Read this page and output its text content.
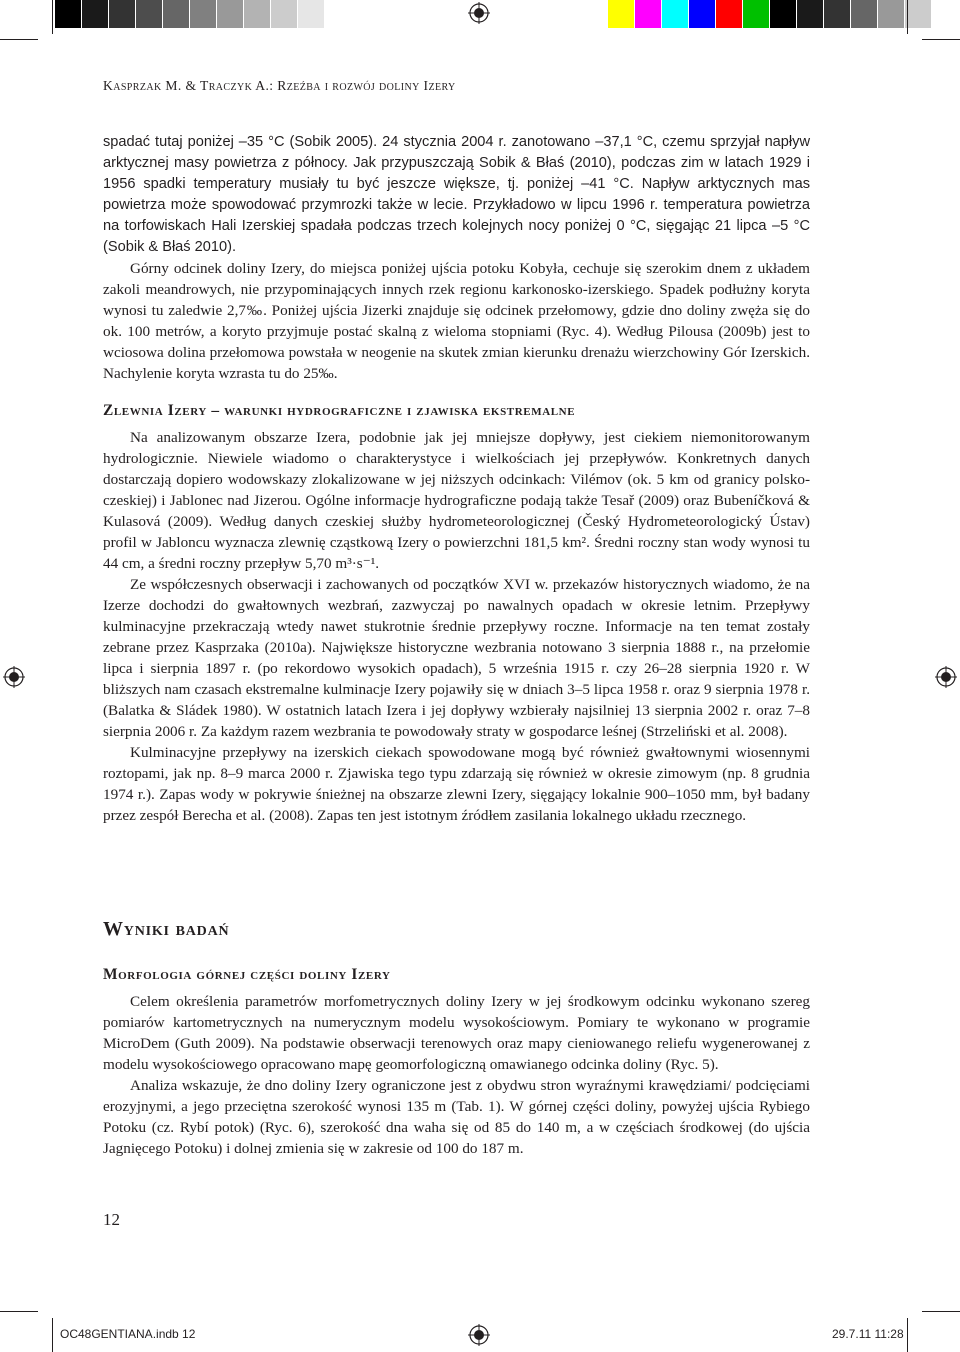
Kasprzak M. & Traczyk A.: Rzeźba i rozwój doliny Izery

spadać tutaj poniżej –35 °C (Sobik 2005). 24 stycznia 2004 r. zanotowano –37,1 °C, czemu sprzyjał napływ arktycznej masy powietrza z północy. Jak przypuszczają Sobik & Błaś (2010), podczas zim w latach 1929 i 1956 spadki temperatury musiały tu być jeszcze większe, tj. poniżej –41 °C. Napływ arktycznych mas powietrza może spowodować przymrozki także w lecie. Przykładowo w lipcu 1996 r. temperatura powietrza na torfowiskach Hali Izerskiej spadała podczas trzech kolejnych nocy poniżej 0 °C, sięgając 21 lipca –5 °C (Sobik & Błaś 2010).

Górny odcinek doliny Izery, do miejsca poniżej ujścia potoku Kobyła, cechuje się szerokim dnem z układem zakoli meandrowych, nie przypominających innych rzek regionu karkonosko-izerskiego. Spadek podłużny koryta wynosi tu zaledwie 2,7‰. Poniżej ujścia Jizerki znajduje się odcinek przełomowy, gdzie dno doliny zwęża się do ok. 100 metrów, a koryto przyjmuje postać skalną z wieloma stopniami (Ryc. 4). Według Pilousa (2009b) jest to wciosowa dolina przełomowa powstała w neogenie na skutek zmian kierunku drenażu wierzchowiny Gór Izerskich. Nachylenie koryta wzrasta tu do 25‰.

Zlewnia Izery – warunki hydrograficzne i zjawiska ekstremalne

Na analizowanym obszarze Izera, podobnie jak jej mniejsze dopływy, jest ciekiem niemonitorowanym hydrologicznie. Niewiele wiadomo o charakterystyce i wielkościach jej przepływów. Konkretnych danych dostarczają dopiero wodowskazy zlokalizowane w jej niższych odcinkach: Vilémov (ok. 5 km od granicy polsko-czeskiej) i Jablonec nad Jizerou. Ogólne informacje hydrograficzne podają także Tesař (2009) oraz Bubeníčková & Kulasová (2009). Według danych czeskiej służby hydrometeorologicznej (Český Hydrometeorologický Ústav) profil w Jabloncu wyznacza zlewnię cząstkową Izery o powierzchni 181,5 km². Średni roczny stan wody wynosi tu 44 cm, a średni roczny przepływ 5,70 m³·s⁻¹.

Ze współczesnych obserwacji i zachowanych od początków XVI w. przekazów historycznych wiadomo, że na Izerze dochodzi do gwałtownych wezbrań, zazwyczaj po nawalnych opadach w okresie letnim. Przepływy kulminacyjne przekraczają wtedy nawet stukrotnie średnie przepływy roczne. Informacje na ten temat zostały zebrane przez Kasprzaka (2010a). Największe historyczne wezbrania notowano 3 sierpnia 1888 r., na przełomie lipca i sierpnia 1897 r. (po rekordowo wysokich opadach), 5 września 1915 r. czy 26–28 sierpnia 1920 r. W bliższych nam czasach ekstremalne kulminacje Izery pojawiły się w dniach 3–5 lipca 1958 r. oraz 9 sierpnia 1978 r. (Balatka & Sládek 1980). W ostatnich latach Izera i jej dopływy wzbierały najsilniej 13 sierpnia 2002 r. oraz 7–8 sierpnia 2006 r. Za każdym razem wezbrania te powodowały straty w gospodarce leśnej (Strzeliński et al. 2008).

Kulminacyjne przepływy na izerskich ciekach spowodowane mogą być również gwałtownymi wiosennymi roztopami, jak np. 8–9 marca 2000 r. Zjawiska tego typu zdarzają się również w okresie zimowym (np. 8 grudnia 1974 r.). Zapas wody w pokrywie śnieżnej na obszarze zlewni Izery, sięgający lokalnie 900–1050 mm, był badany przez zespół Berecha et al. (2008). Zapas ten jest istotnym źródłem zasilania lokalnego układu rzecznego.

Wyniki badań
Morfologia górnej części doliny Izery

Celem określenia parametrów morfometrycznych doliny Izery w jej środkowym odcinku wykonano szereg pomiarów kartometrycznych na numerycznym modelu wysokościowym. Pomiary te wykonano w programie MicroDem (Guth 2009). Na podstawie obserwacji terenowych oraz mapy cieniowanego reliefu wygenerowanej z modelu wysokościowego opracowano mapę geomorfologiczną omawianego odcinka doliny (Ryc. 5).

Analiza wskazuje, że dno doliny Izery ograniczone jest z obydwu stron wyraźnymi krawędziami/ podcięciami erozyjnymi, a jego przeciętna szerokość wynosi 135 m (Tab. 1). W górnej części doliny, powyżej ujścia Rybiego Potoku (cz. Rybí potok) (Ryc. 6), szerokość dna waha się od 85 do 140 m, a w częściach środkowej (do ujścia Jagnięcego Potoku) i dolnej zmienia się w zakresie od 100 do 187 m.

12
OC48GENTIANA.indb 12	29.7.11 11:28
